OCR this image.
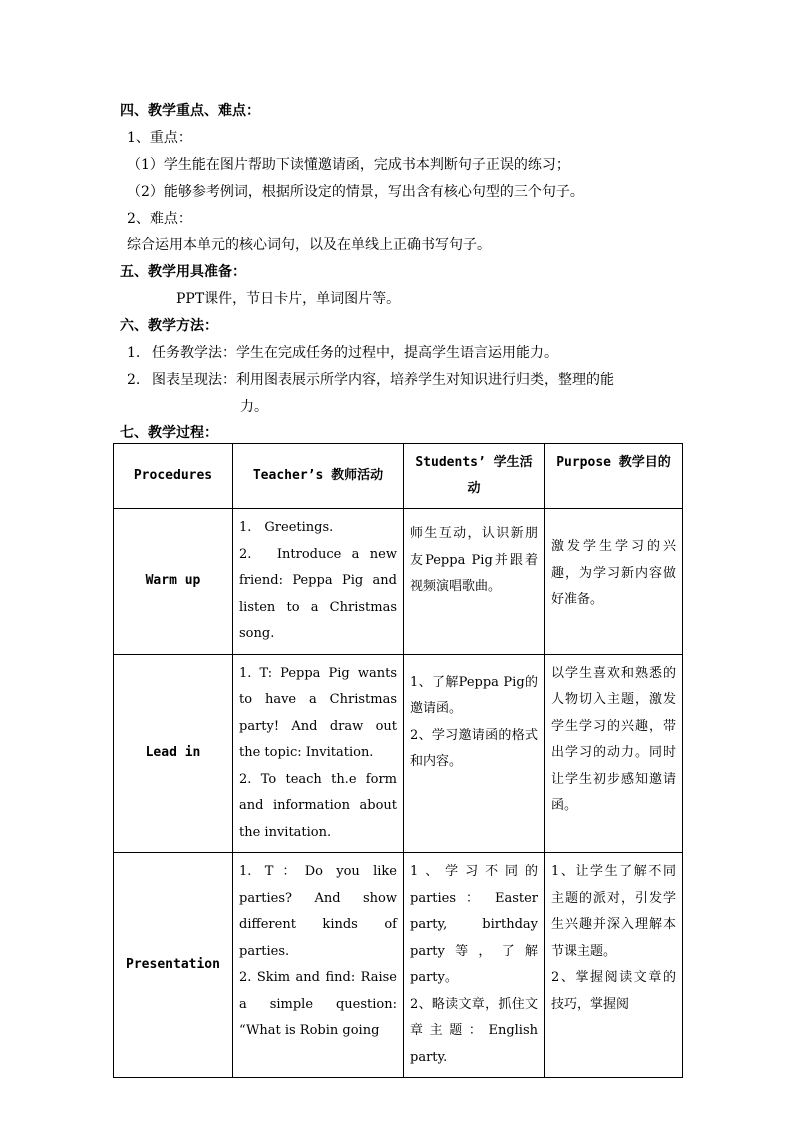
四、教学重点、难点：
1、重点：
（1）学生能在图片帮助下读懂邀请函，完成书本判断句子正误的练习；
（2）能够参考例词，根据所设定的情景，写出含有核心句型的三个句子。
2、难点：
综合运用本单元的核心词句，以及在单线上正确书写句子。
五、教学用具准备：
PPT课件，节日卡片，单词图片等。
六、教学方法：
1. 任务教学法：学生在完成任务的过程中，提高学生语言运用能力。
2. 图表呈现法：利用图表展示所学内容，培养学生对知识进行归类，整理的能
力。
七、教学过程：
Procedures	Teacher’s 教师活动	Students’ 学生活动	Purpose 教学目的
Warm up	1.　Greetings.
2.　Introduce a new friend: Peppa Pig and listen to a Christmas song.	师生互动，认识新朋友Peppa Pig并跟着视频演唱歌曲。	激发学生学习的兴趣，为学习新内容做好准备。
Lead in	1. T: Peppa Pig wants to have a Christmas party! And draw out the topic: Invitation.
2. To teach th.e form and information about the invitation.	1、了解Peppa Pig的邀请函。
2、学习邀请函的格式和内容。	以学生喜欢和熟悉的人物切入主题，激发学生学习的兴趣，带出学习的动力。同时让学生初步感知邀请函。
Presentation	1. T：Do you like parties? And show different kinds of parties.
2. Skim and find: Raise a simple question: “What is Robin going	1、学习不同的parties ： Easter party, birthday party等，了解party。
2、略读文章，抓住文章主题：English party.	1、让学生了解不同主题的派对，引发学生兴趣并深入理解本节课主题。
2、掌握阅读文章的技巧，掌握阅
